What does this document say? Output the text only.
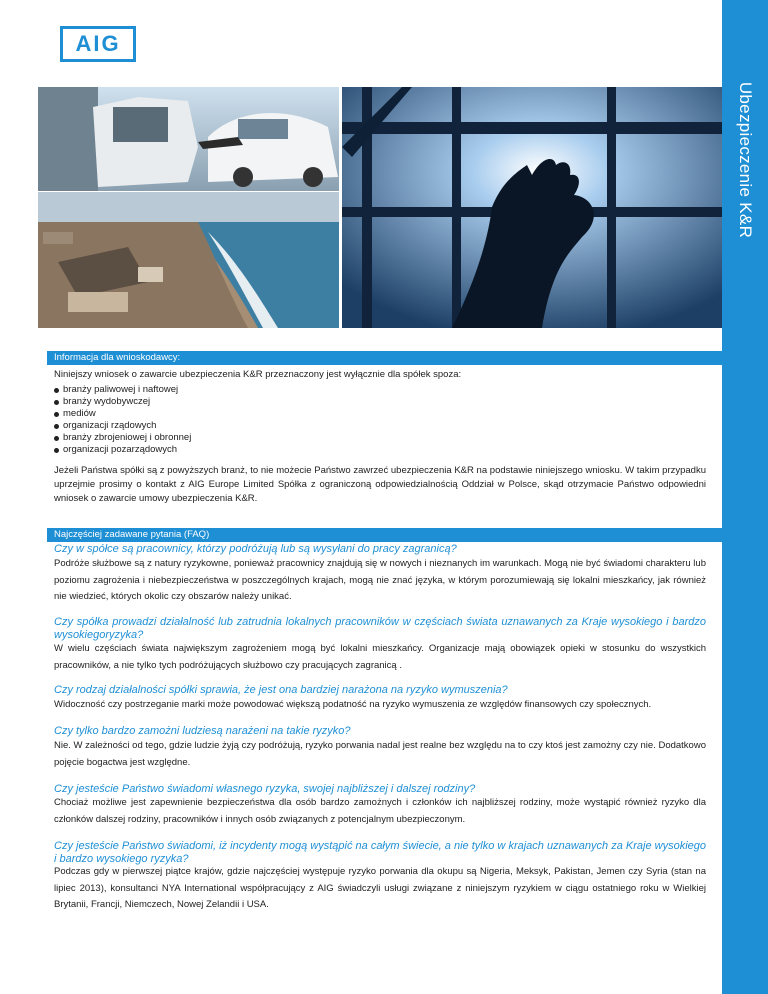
Ubezpieczenie K&R
AIG
Informacja dla wnioskodawcy:
Niniejszy wniosek o zawarcie ubezpieczenia K&R przeznaczony jest wyłącznie dla spółek spoza:
branży paliwowej i naftowej
branży wydobywczej
mediów
organizacji rządowych
branży zbrojeniowej i obronnej
organizacji pozarządowych

Jeżeli Państwa spółki są z powyższych branż, to nie możecie Państwo zawrzeć ubezpieczenia K&R na podstawie niniejszego wniosku. W takim przypadku uprzejmie prosimy o kontakt z AIG Europe Limited Spółka z ograniczoną odpowiedzialnością Oddział w Polsce, skąd otrzymacie Państwo odpowiedni wniosek o zawarcie umowy ubezpieczenia K&R.

Najczęściej zadawane pytania (FAQ)

Czy w spółce są pracownicy, którzy podróżują lub są wysyłani do pracy zagranicą?

Podróże służbowe są z natury ryzykowne, ponieważ pracownicy znajdują się w nowych i nieznanych im warunkach. Mogą nie być świadomi charakteru lub poziomu zagrożenia i niebezpieczeństwa w poszczególnych krajach, mogą nie znać języka, w którym porozumiewają się lokalni mieszkańcy, jak również nie wiedzieć, których okolic czy obszarów należy unikać.

Czy spółka prowadzi działalność lub zatrudnia lokalnych pracowników w częściach świata uznawanych za Kraje wysokiego i bardzo wysokiegoryzyka?

W wielu częściach świata największym zagrożeniem mogą być lokalni mieszkańcy. Organizacje mają obowiązek opieki w stosunku do wszystkich pracowników, a nie tylko tych podróżujących służbowo czy pracujących zagranicą .

Czy rodzaj działalności spółki sprawia, że jest ona bardziej narażona na ryzyko wymuszenia?

Widoczność czy postrzeganie marki może powodować większą podatność na ryzyko wymuszenia ze względów finansowych czy społecznych.

Czy tylko bardzo zamożni ludziesą narażeni na takie ryzyko?

Nie. W zależności od tego, gdzie ludzie żyją czy podróżują, ryzyko porwania nadal jest realne bez względu na to czy ktoś jest zamożny czy nie. Dodatkowo pojęcie bogactwa jest względne.

Czy jesteście Państwo świadomi własnego ryzyka, swojej najbliższej i dalszej rodziny?

Chociaż możliwe jest zapewnienie bezpieczeństwa dla osób bardzo zamożnych i członków ich najbliższej rodziny, może wystąpić również ryzyko dla członków dalszej rodziny, pracowników i innych osób związanych z potencjalnym ubezpieczonym.

Czy jesteście Państwo świadomi, iż incydenty mogą wystąpić na całym świecie, a nie tylko w krajach uznawanych za Kraje wysokiego i bardzo wysokiego ryzyka?

Podczas gdy w pierwszej piątce krajów, gdzie najczęściej występuje ryzyko porwania dla okupu są Nigeria, Meksyk, Pakistan, Jemen czy Syria (stan na lipiec 2013), konsultanci NYA International współpracujący z AIG świadczyli usługi związane z niniejszym ryzykiem w ciągu ostatniego roku w Wielkiej Brytanii, Francji, Niemczech, Nowej Zelandii i USA.
